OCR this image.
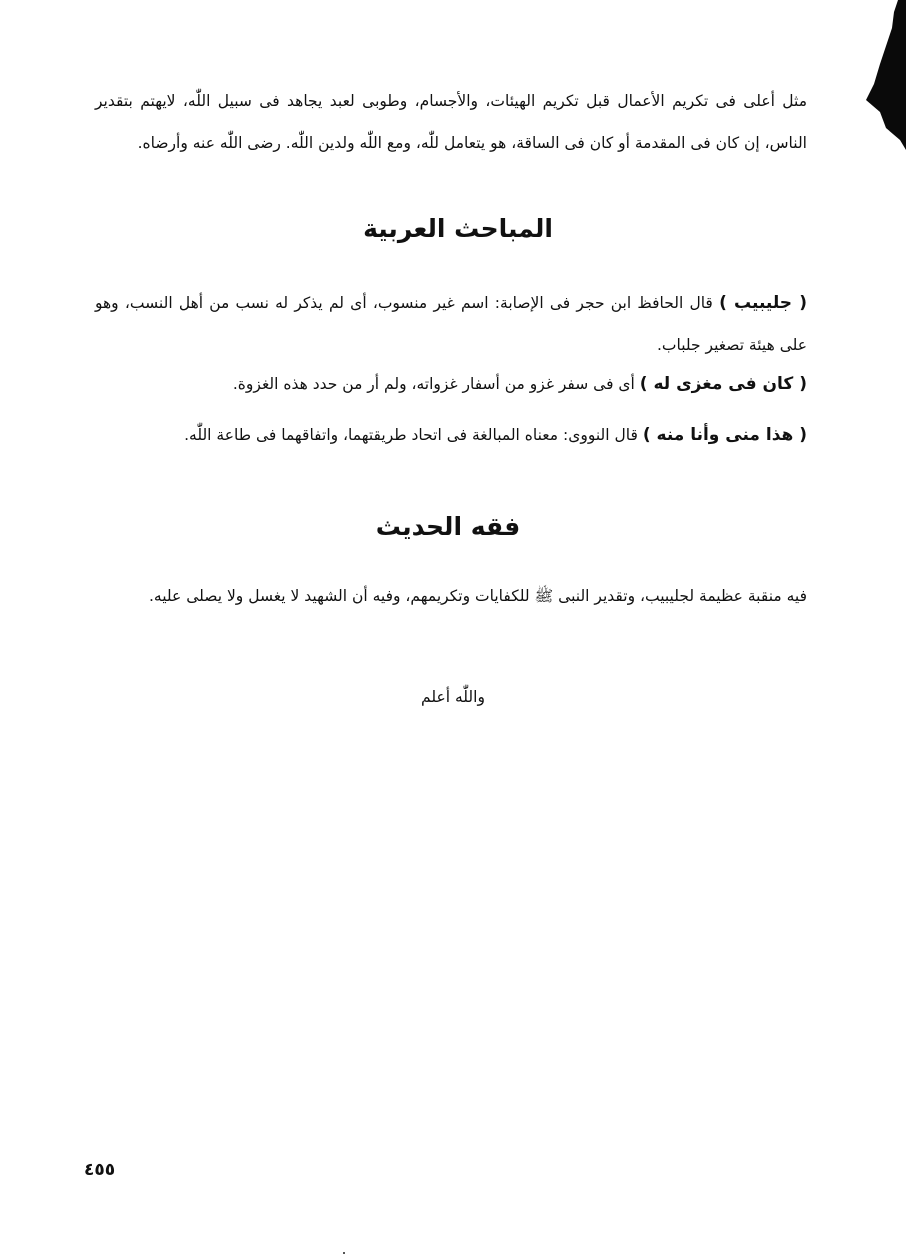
مثل أعلى فى تكريم الأعمال قبل تكريم الهيئات، والأجسام، وطوبى لعبد يجاهد فى سبيل اللّٰه، لايهتم بتقدير الناس، إن كان فى المقدمة أو كان فى الساقة، هو يتعامل للّٰه، ومع اللّٰه ولدين اللّٰه. رضى اللّٰه عنه وأرضاه.
المباحث العربية
( جليبيب ) قال الحافظ ابن حجر فى الإصابة: اسم غير منسوب، أى لم يذكر له نسب من أهل النسب، وهو على هيئة تصغير جلباب.
( كان فى مغزى له ) أى فى سفر غزو من أسفار غزواته، ولم أر من حدد هذه الغزوة.
( هذا منى وأنا منه ) قال النووى: معناه المبالغة فى اتحاد طريقتهما، واتفاقهما فى طاعة اللّٰه.
فقه الحديث
فيه منقبة عظيمة لجليبيب، وتقدير النبى ﷺ للكفايات وتكريمهم، وفيه أن الشهيد لا يغسل ولا يصلى عليه.
واللّٰه أعلم
٤٥٥
